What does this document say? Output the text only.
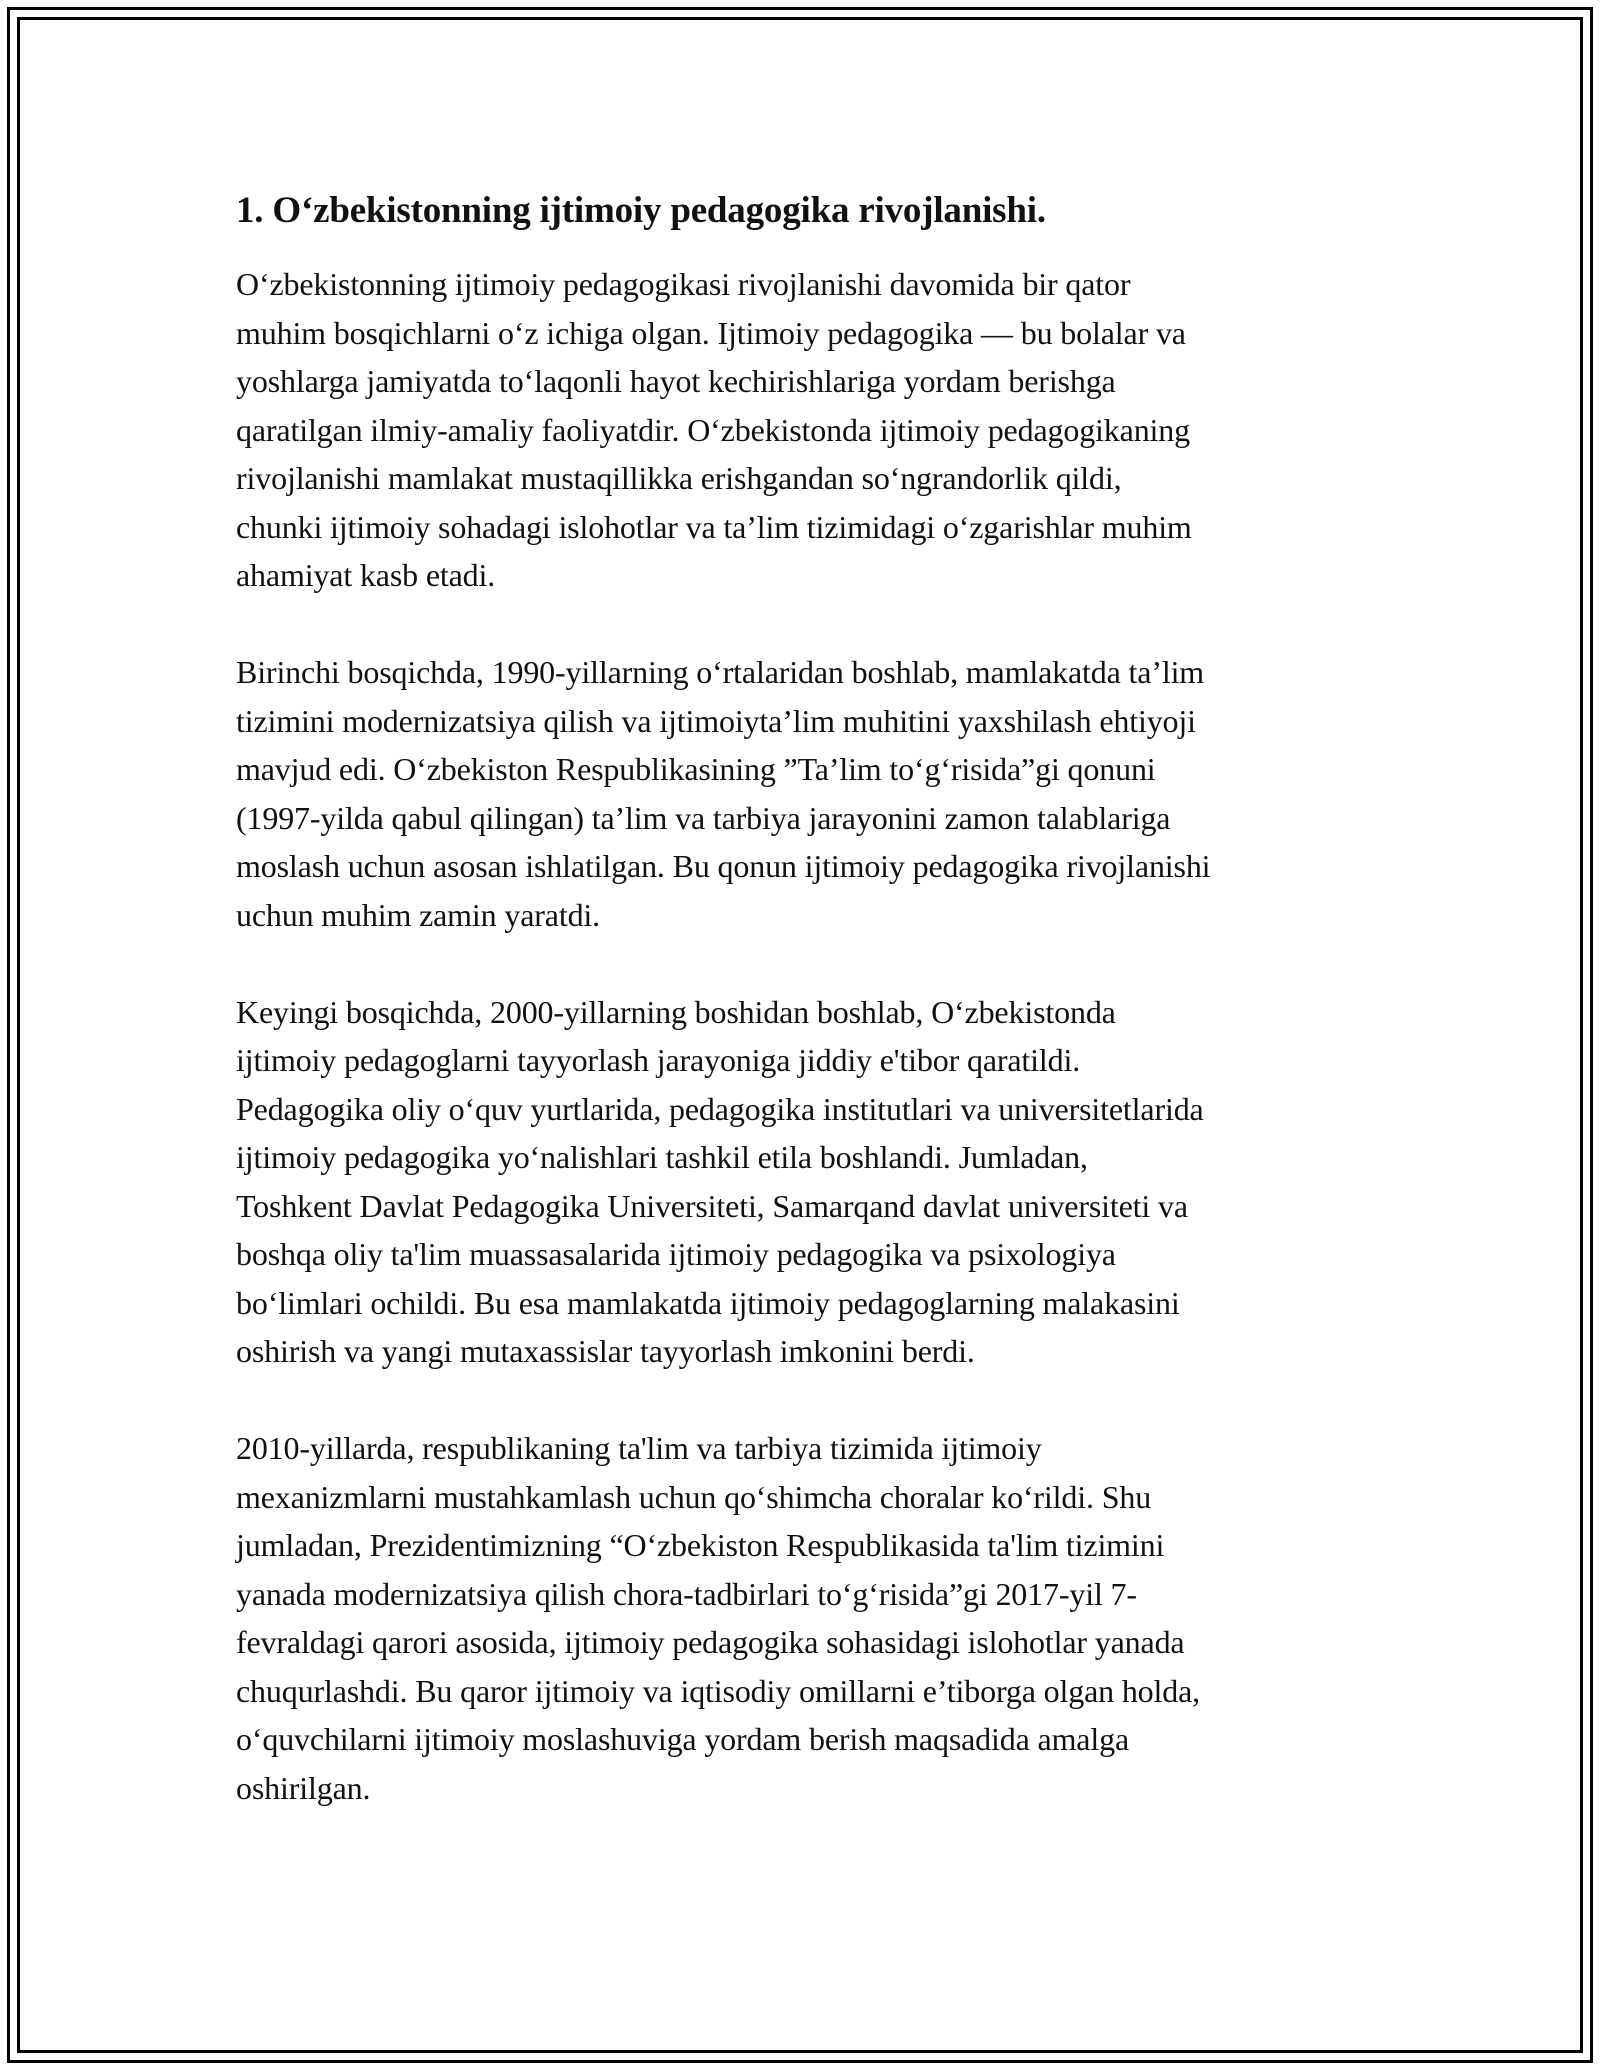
1. O‘zbekistonning ijtimoiy pedagogika rivojlanishi.
O‘zbekistonning ijtimoiy pedagogikasi rivojlanishi davomida bir qator
muhim bosqichlarni o‘z ichiga olgan. Ijtimoiy pedagogika — bu bolalar va
yoshlarga jamiyatda to‘laqonli hayot kechirishlariga yordam berishga
qaratilgan ilmiy-amaliy faoliyatdir. O‘zbekistonda ijtimoiy pedagogikaning
rivojlanishi mamlakat mustaqillikka erishgandan so‘ngrandorlik qildi,
chunki ijtimoiy sohadagi islohotlar va ta’lim tizimidagi o‘zgarishlar muhim
ahamiyat kasb etadi.
Birinchi bosqichda, 1990-yillarning o‘rtalaridan boshlab, mamlakatda ta’lim
tizimini modernizatsiya qilish va ijtimoiyta’lim muhitini yaxshilash ehtiyoji
mavjud edi. O‘zbekiston Respublikasining ”Ta’lim to‘g‘risida”gi qonuni
(1997-yilda qabul qilingan) ta’lim va tarbiya jarayonini zamon talablariga
moslash uchun asosan ishlatilgan. Bu qonun ijtimoiy pedagogika rivojlanishi
uchun muhim zamin yaratdi.
Keyingi bosqichda, 2000-yillarning boshidan boshlab, O‘zbekistonda
ijtimoiy pedagoglarni tayyorlash jarayoniga jiddiy e'tibor qaratildi.
Pedagogika oliy o‘quv yurtlarida, pedagogika institutlari va universitetlarida
ijtimoiy pedagogika yo‘nalishlari tashkil etila boshlandi. Jumladan,
Toshkent Davlat Pedagogika Universiteti, Samarqand davlat universiteti va
boshqa oliy ta'lim muassasalarida ijtimoiy pedagogika va psixologiya
bo‘limlari ochildi. Bu esa mamlakatda ijtimoiy pedagoglarning malakasini
oshirish va yangi mutaxassislar tayyorlash imkonini berdi.
2010-yillarda, respublikaning ta'lim va tarbiya tizimida ijtimoiy
mexanizmlarni mustahkamlash uchun qo‘shimcha choralar ko‘rildi. Shu
jumladan, Prezidentimizning “O‘zbekiston Respublikasida ta'lim tizimini
yanada modernizatsiya qilish chora-tadbirlari to‘g‘risida”gi 2017-yil 7-
fevraldagi qarori asosida, ijtimoiy pedagogika sohasidagi islohotlar yanada
chuqurlashdi. Bu qaror ijtimoiy va iqtisodiy omillarni e’tiborga olgan holda,
o‘quvchilarni ijtimoiy moslashuviga yordam berish maqsadida amalga
oshirilgan.
